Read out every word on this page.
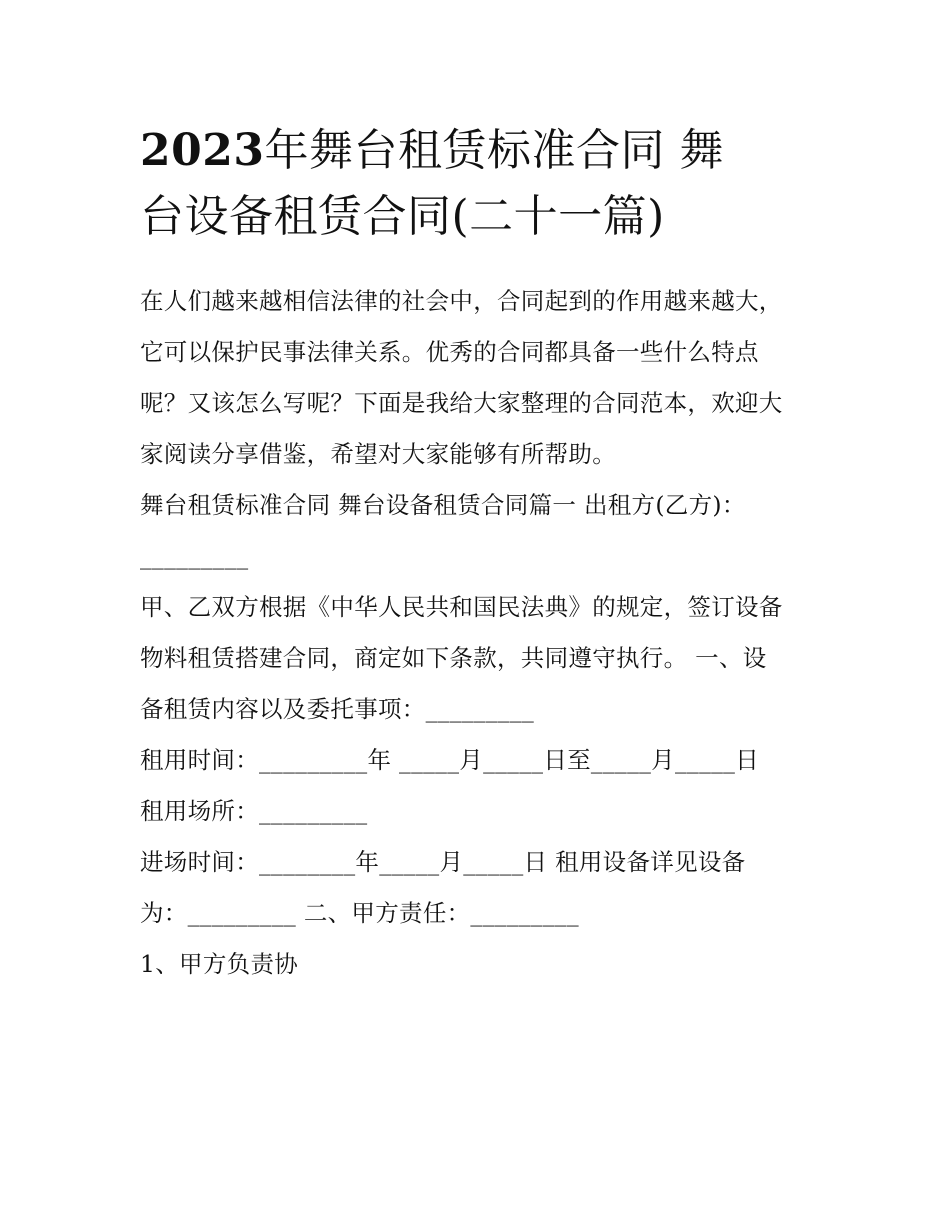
2023年舞台租赁标准合同 舞
台设备租赁合同(二十一篇)
在人们越来越相信法律的社会中，合同起到的作用越来越大，
它可以保护民事法律关系。优秀的合同都具备一些什么特点
呢？又该怎么写呢？下面是我给大家整理的合同范本，欢迎大
家阅读分享借鉴，希望对大家能够有所帮助。
舞台租赁标准合同 舞台设备租赁合同篇一 出租方(乙方)：
_________
甲、乙双方根据《中华人民共和国民法典》的规定，签订设备
物料租赁搭建合同，商定如下条款，共同遵守执行。 一、设
备租赁内容以及委托事项：_________
租用时间：_________年 _____月_____日至_____月_____日
租用场所：_________
进场时间：________年_____月_____日 租用设备详见设备
为：_________ 二、甲方责任：_________
1、甲方负责协
